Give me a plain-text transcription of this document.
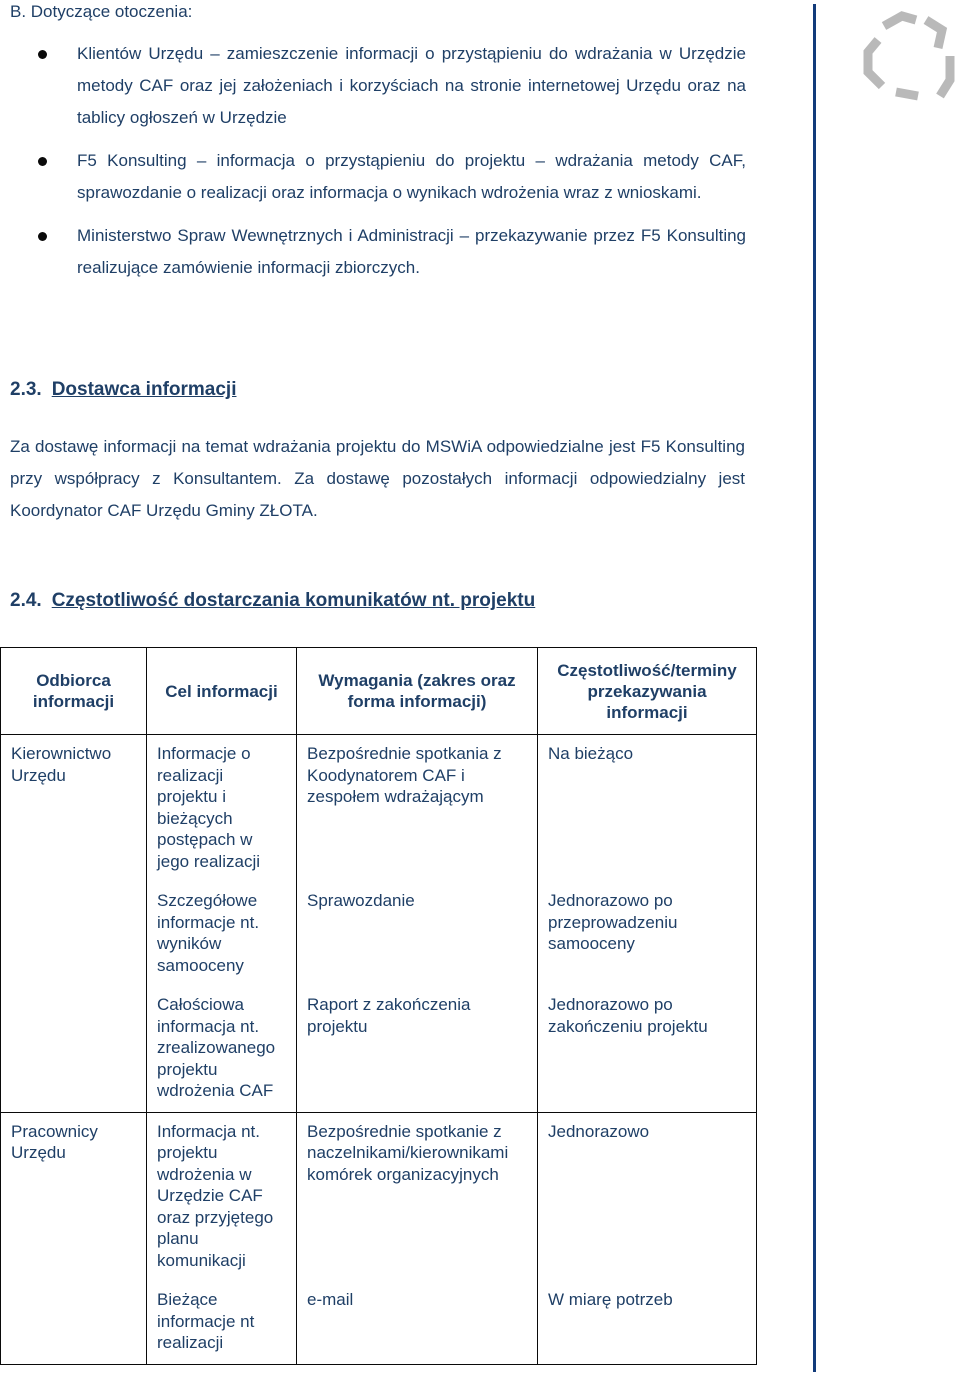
B. Dotyczące otoczenia:
Klientów Urzędu – zamieszczenie informacji o przystąpieniu do wdrażania w Urzędzie metody CAF oraz jej założeniach i korzyściach na stronie internetowej Urzędu oraz na tablicy ogłoszeń w Urzędzie
F5 Konsulting – informacja o przystąpieniu do projektu – wdrażania metody CAF, sprawozdanie o realizacji oraz informacja o wynikach wdrożenia wraz z wnioskami.
Ministerstwo Spraw Wewnętrznych i Administracji – przekazywanie przez F5 Konsulting realizujące zamówienie informacji zbiorczych.
2.3. Dostawca informacji

Za dostawę informacji na temat wdrażania projektu do MSWiA odpowiedzialne jest F5 Konsulting przy współpracy z Konsultantem. Za dostawę pozostałych informacji odpowiedzialny jest Koordynator CAF Urzędu Gminy ZŁOTA.

2.4. Częstotliwość dostarczania komunikatów nt. projektu
Odbiorca informacji	Cel informacji	Wymagania (zakres oraz forma informacji)	Częstotliwość/terminy przekazywania informacji
Kierownictwo Urzędu	Informacje o realizacji projektu i bieżących postępach w jego realizacji	Bezpośrednie spotkania z Koodynatorem CAF i zespołem wdrażającym	Na bieżąco
	Szczegółowe informacje nt. wyników samooceny	Sprawozdanie	Jednorazowo po przeprowadzeniu samooceny
	Całościowa informacja nt. zrealizowanego projektu wdrożenia CAF	Raport z zakończenia projektu	Jednorazowo po zakończeniu projektu
Pracownicy Urzędu	Informacja nt. projektu wdrożenia w Urzędzie CAF oraz przyjętego planu komunikacji	Bezpośrednie spotkanie z naczelnikami/kierownikami komórek organizacyjnych	Jednorazowo
	Bieżące informacje nt realizacji	e-mail	W miarę potrzeb
